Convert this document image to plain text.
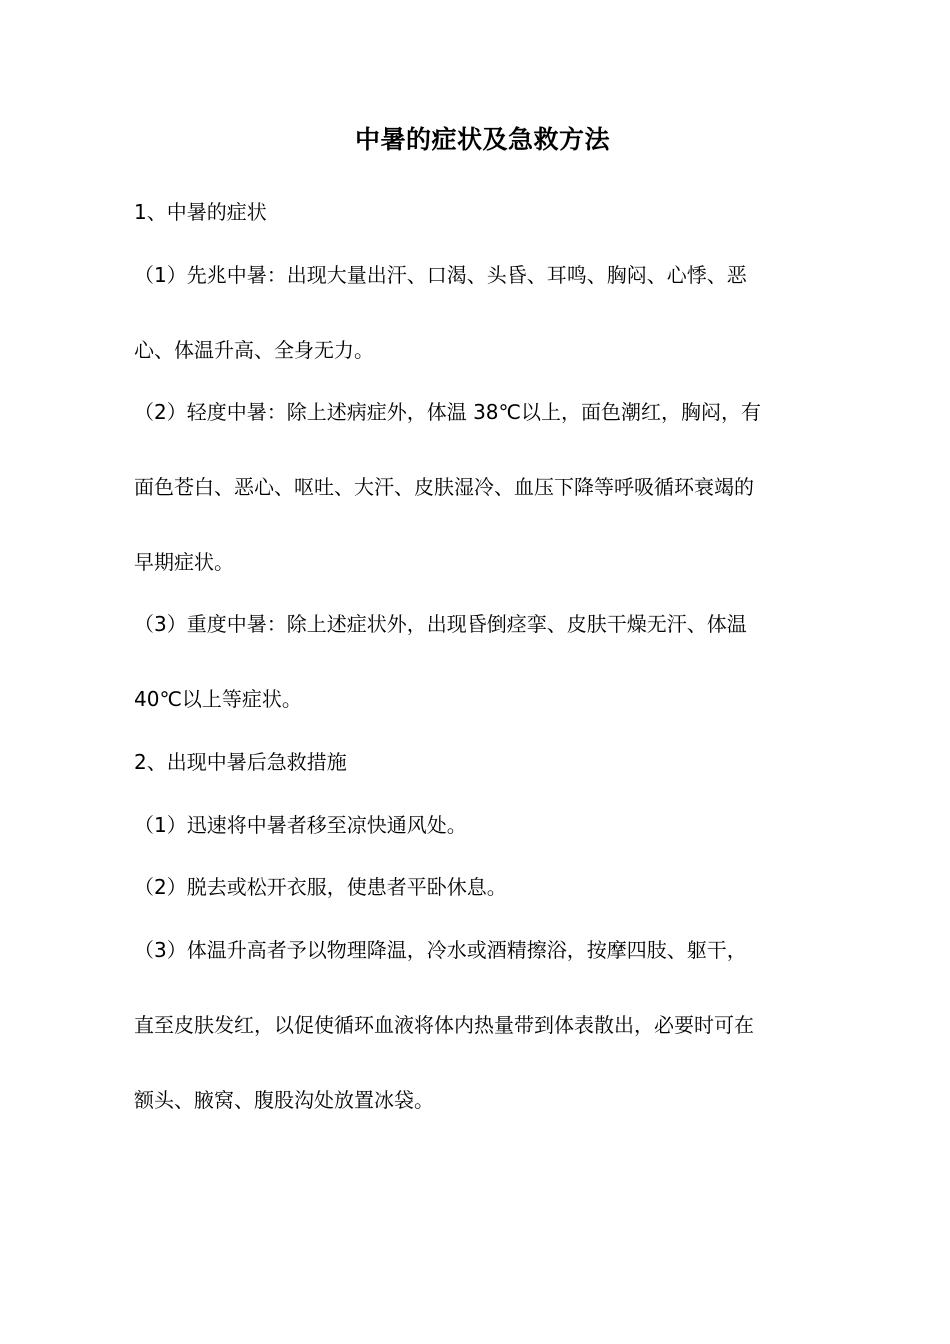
中暑的症状及急救方法
1、中暑的症状
（1）先兆中暑：出现大量出汗、口渴、头昏、耳鸣、胸闷、心悸、恶
心、体温升高、全身无力。
（2）轻度中暑：除上述病症外，体温 38℃以上，面色潮红，胸闷，有
面色苍白、恶心、呕吐、大汗、皮肤湿冷、血压下降等呼吸循环衰竭的
早期症状。
（3）重度中暑：除上述症状外，出现昏倒痉挛、皮肤干燥无汗、体温
40℃以上等症状。
2、出现中暑后急救措施
（1）迅速将中暑者移至凉快通风处。
（2）脱去或松开衣服，使患者平卧休息。
（3）体温升高者予以物理降温，冷水或酒精擦浴，按摩四肢、躯干，
直至皮肤发红，以促使循环血液将体内热量带到体表散出，必要时可在
额头、腋窝、腹股沟处放置冰袋。
